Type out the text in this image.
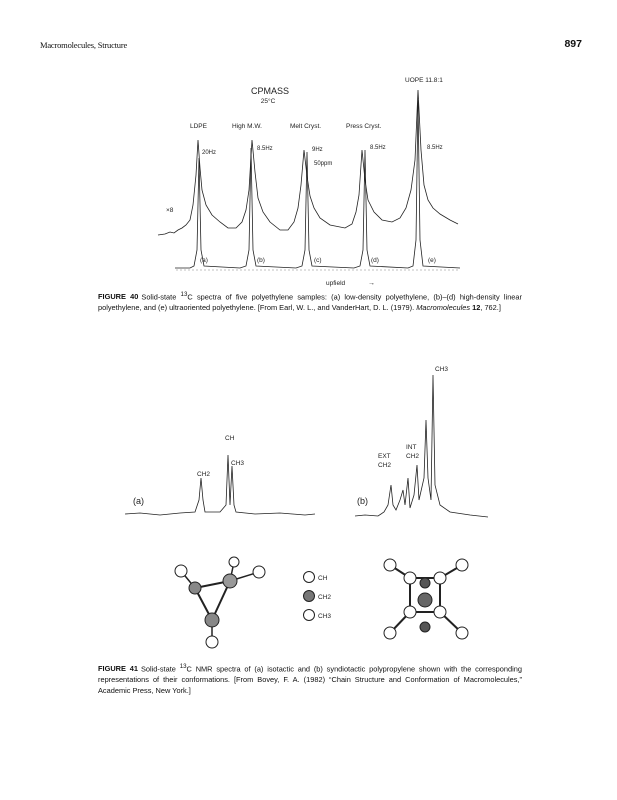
Macromolecules, Structure	897
CPMASS
25°C
UOPE 11.8:1
LDPE	High M.W.	Melt Cryst.	Press Cryst.
20Hz
8.5Hz	9Hz	8.5Hz	8.5Hz
50ppm
×8
(a)	(b)	(c)	(d)	(e)
upfield	→
FIGURE 40 Solid-state $^{13}$C spectra of five polyethylene samples: (a) low-density polyethylene, (b)–(d) high-density linear polyethylene, and (e) ultraoriented polyethylene. [From Earl, W. L., and VanderHart, D. L. (1979). Macromolecules 12, 762.]
(a)
CH2
CH
CH3
(b)
EXT
CH2
INT
CH2
CH3
CH
CH2
CH3
FIGURE 41 Solid-state $^{13}$C NMR spectra of (a) isotactic and (b) syndiotactic polypropylene shown with the corresponding representations of their conformations. [From Bovey, F. A. (1982) “Chain Structure and Conformation of Macromolecules,” Academic Press, New York.]
